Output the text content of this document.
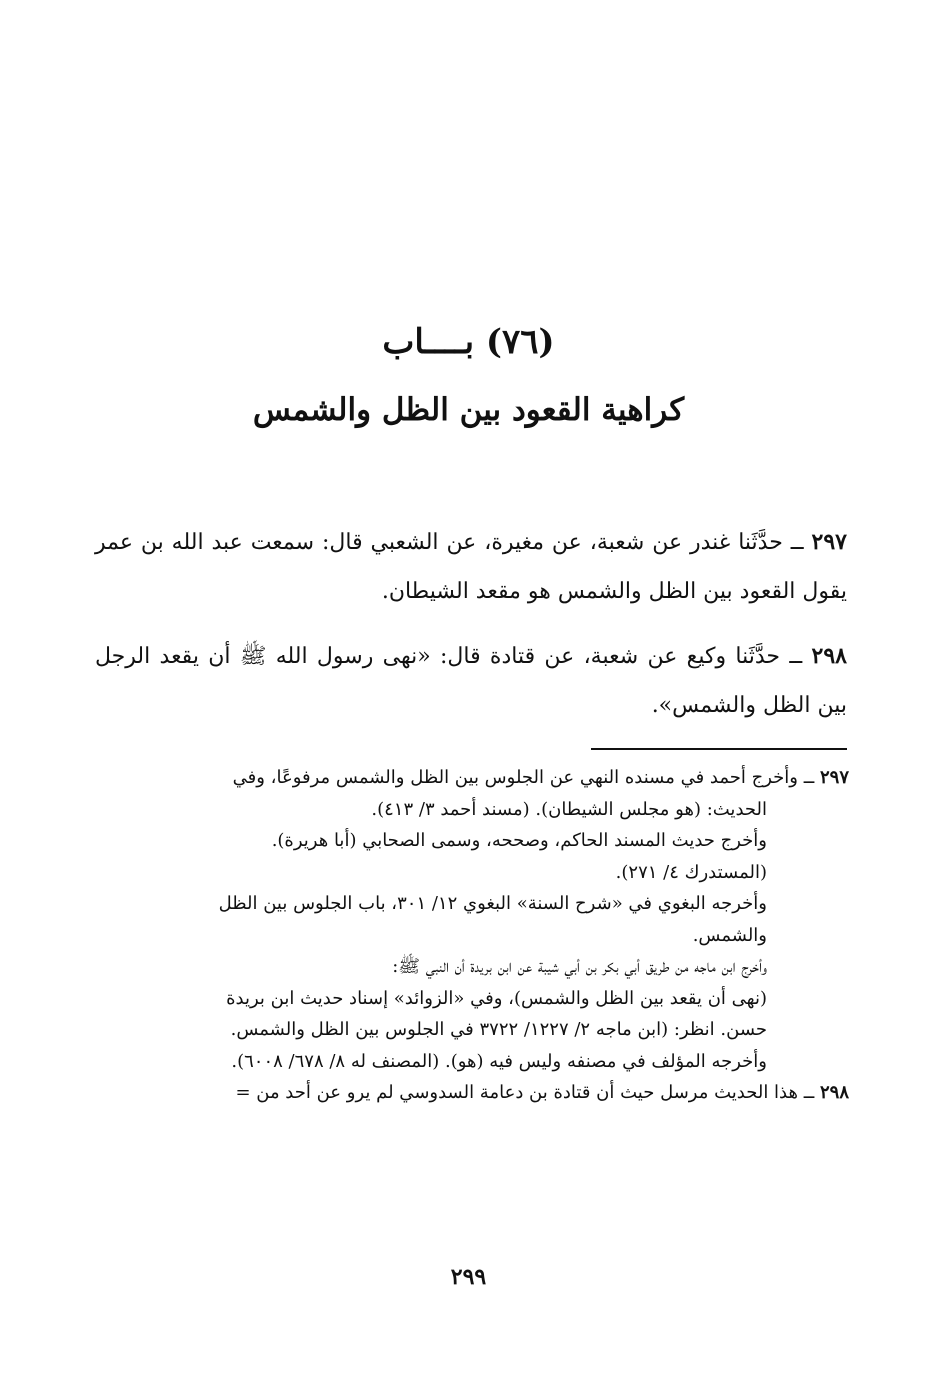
(٧٦) بــــاب
كراهية القعود بين الظل والشمس

٢٩٧ ــ حدَّثَنا غندر عن شعبة، عن مغيرة، عن الشعبي قال: سمعت عبد الله بن عمر يقول القعود بين الظل والشمس هو مقعد الشيطان.

٢٩٨ ــ حدَّثَنا وكيع عن شعبة، عن قتادة قال: «نهى رسول الله ﷺ أن يقعد الرجل بين الظل والشمس».

٢٩٧ ــ وأخرج أحمد في مسنده النهي عن الجلوس بين الظل والشمس مرفوعًا، وفي
الحديث: (هو مجلس الشيطان). (مسند أحمد ٣/ ٤١٣).
وأخرج حديث المسند الحاكم، وصححه، وسمى الصحابي (أبا هريرة).
(المستدرك ٤/ ٢٧١).
وأخرجه البغوي في «شرح السنة» البغوي ١٢/ ٣٠١، باب الجلوس بين الظل
والشمس.
وأخرج ابن ماجه من طريق أبي بكر بن أبي شيبة عن ابن بريدة أن النبي ﷺ:
(نهى أن يقعد بين الظل والشمس)، وفي «الزوائد» إسناد حديث ابن بريدة
حسن. انظر: (ابن ماجه ٢/ ١٢٢٧/ ٣٧٢٢ في الجلوس بين الظل والشمس.
وأخرجه المؤلف في مصنفه وليس فيه (هو). (المصنف له ٨/ ٦٧٨/ ٦٠٠٨).
٢٩٨ ــ هذا الحديث مرسل حيث أن قتادة بن دعامة السدوسي لم يرو عن أحد من =
٢٩٩
